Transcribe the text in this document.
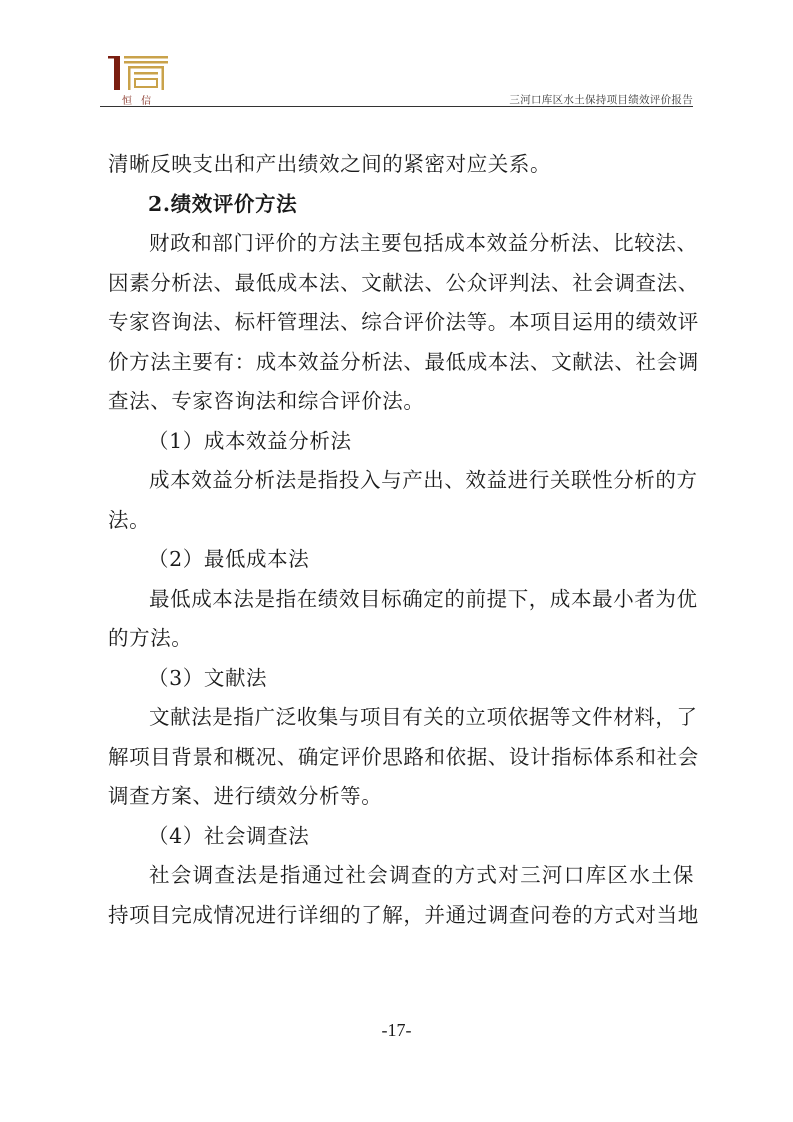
恒 信	三河口库区水土保持项目绩效评价报告
清晰反映支出和产出绩效之间的紧密对应关系。
2.绩效评价方法
财政和部门评价的方法主要包括成本效益分析法、比较法、
因素分析法、最低成本法、文献法、公众评判法、社会调查法、
专家咨询法、标杆管理法、综合评价法等。本项目运用的绩效评
价方法主要有：成本效益分析法、最低成本法、文献法、社会调
查法、专家咨询法和综合评价法。
（1）成本效益分析法
成本效益分析法是指投入与产出、效益进行关联性分析的方
法。
（2）最低成本法
最低成本法是指在绩效目标确定的前提下，成本最小者为优
的方法。
（3）文献法
文献法是指广泛收集与项目有关的立项依据等文件材料，了
解项目背景和概况、确定评价思路和依据、设计指标体系和社会
调查方案、进行绩效分析等。
（4）社会调查法
社会调查法是指通过社会调查的方式对三河口库区水土保
持项目完成情况进行详细的了解，并通过调查问卷的方式对当地
-17-
